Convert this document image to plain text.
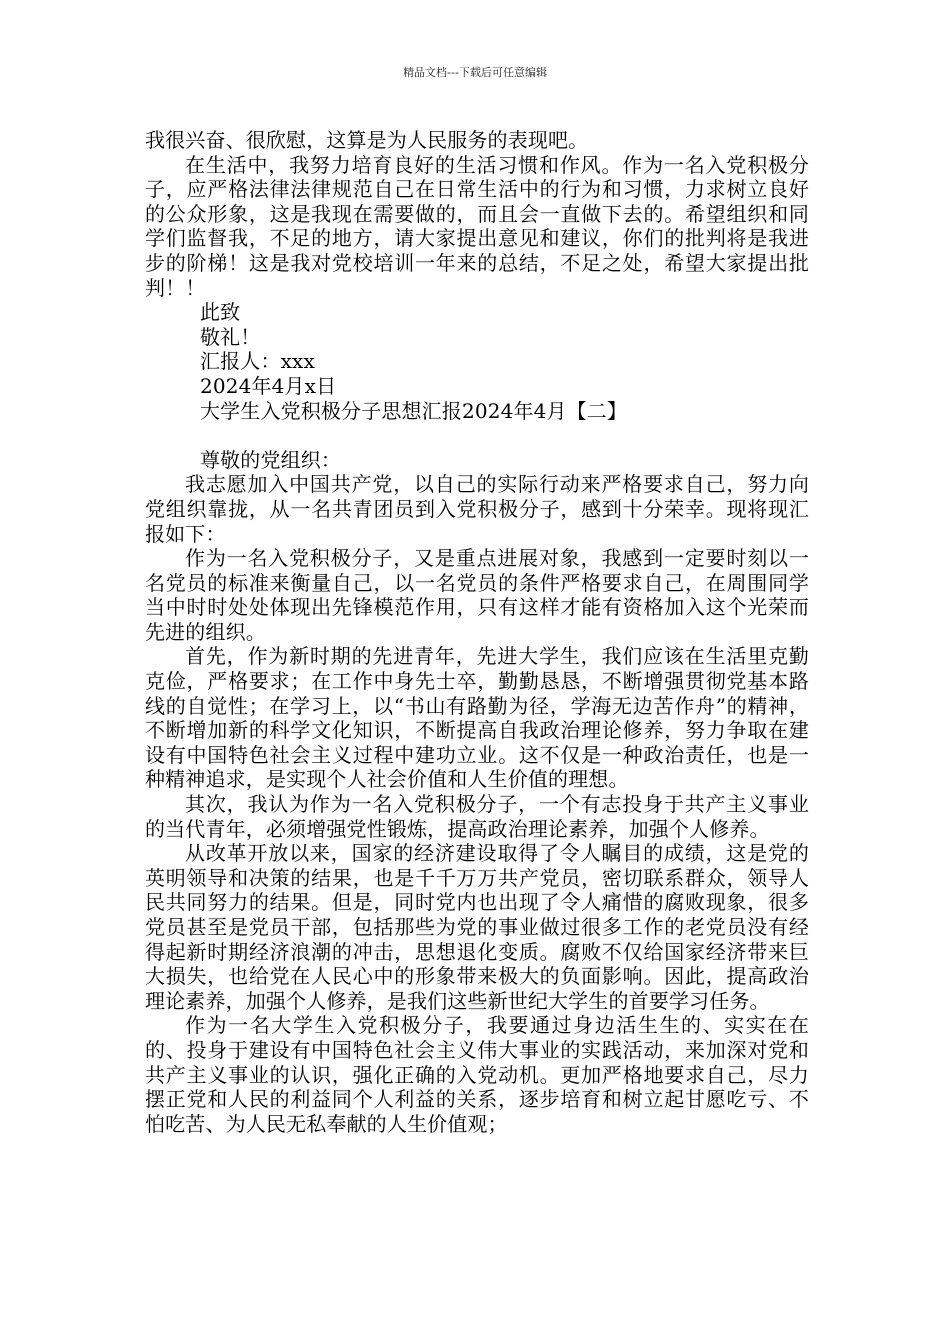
精品文档---下载后可任意编辑

我很兴奋、很欣慰，这算是为人民服务的表现吧。

在生活中，我努力培育良好的生活习惯和作风。作为一名入党积极分子，应严格法律法律规范自己在日常生活中的行为和习惯，力求树立良好的公众形象，这是我现在需要做的，而且会一直做下去的。希望组织和同学们监督我，不足的地方，请大家提出意见和建议，你们的批判将是我进步的阶梯！这是我对党校培训一年来的总结，不足之处，希望大家提出批判！！

此致

敬礼！

汇报人：xxx

2024年4月x日

大学生入党积极分子思想汇报2024年4月【二】

尊敬的党组织：

我志愿加入中国共产党，以自己的实际行动来严格要求自己，努力向党组织靠拢，从一名共青团员到入党积极分子，感到十分荣幸。现将现汇报如下：

作为一名入党积极分子，又是重点进展对象，我感到一定要时刻以一名党员的标准来衡量自己，以一名党员的条件严格要求自己，在周围同学当中时时处处体现出先锋模范作用，只有这样才能有资格加入这个光荣而先进的组织。

首先，作为新时期的先进青年，先进大学生，我们应该在生活里克勤克俭，严格要求；在工作中身先士卒，勤勤恳恳，不断增强贯彻党基本路线的自觉性；在学习上，以“书山有路勤为径，学海无边苦作舟”的精神，不断增加新的科学文化知识，不断提高自我政治理论修养，努力争取在建设有中国特色社会主义过程中建功立业。这不仅是一种政治责任，也是一种精神追求，是实现个人社会价值和人生价值的理想。

其次，我认为作为一名入党积极分子，一个有志投身于共产主义事业的当代青年，必须增强党性锻炼，提高政治理论素养，加强个人修养。

从改革开放以来，国家的经济建设取得了令人瞩目的成绩，这是党的英明领导和决策的结果，也是千千万万共产党员，密切联系群众，领导人民共同努力的结果。但是，同时党内也出现了令人痛惜的腐败现象，很多党员甚至是党员干部，包括那些为党的事业做过很多工作的老党员没有经得起新时期经济浪潮的冲击，思想退化变质。腐败不仅给国家经济带来巨大损失，也给党在人民心中的形象带来极大的负面影响。因此，提高政治理论素养，加强个人修养，是我们这些新世纪大学生的首要学习任务。

作为一名大学生入党积极分子，我要通过身边活生生的、实实在在的、投身于建设有中国特色社会主义伟大事业的实践活动，来加深对党和共产主义事业的认识，强化正确的入党动机。更加严格地要求自己，尽力摆正党和人民的利益同个人利益的关系，逐步培育和树立起甘愿吃亏、不怕吃苦、为人民无私奉献的人生价值观；
